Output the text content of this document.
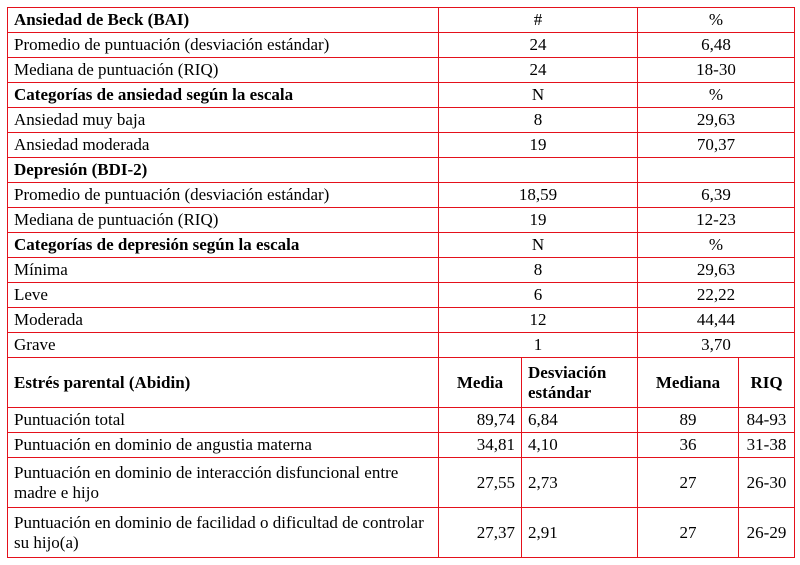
Ansiedad de Beck (BAI)	#		%	
Promedio de puntuación (desviación estándar)	24		6,48	
Mediana de puntuación (RIQ)	24		18-30	
Categorías de ansiedad según la escala	N		%	
Ansiedad muy baja	8		29,63	
Ansiedad moderada	19		70,37	
Depresión (BDI-2)				
Promedio de puntuación (desviación estándar)	18,59		6,39	
Mediana de puntuación (RIQ)	19		12-23	
Categorías de depresión según la escala	N		%	
Mínima	8		29,63	
Leve	6		22,22	
Moderada	12		44,44	
Grave	1		3,70	
Estrés parental (Abidin)	Media	Desviación estándar	Mediana	RIQ
Puntuación total	89,74	6,84	89	84-93
Puntuación en dominio de angustia materna	34,81	4,10	36	31-38
Puntuación en dominio de interacción disfuncional entre madre e hijo	27,55	2,73	27	26-30
Puntuación en dominio de facilidad o dificultad de controlar su hijo(a)	27,37	2,91	27	26-29
